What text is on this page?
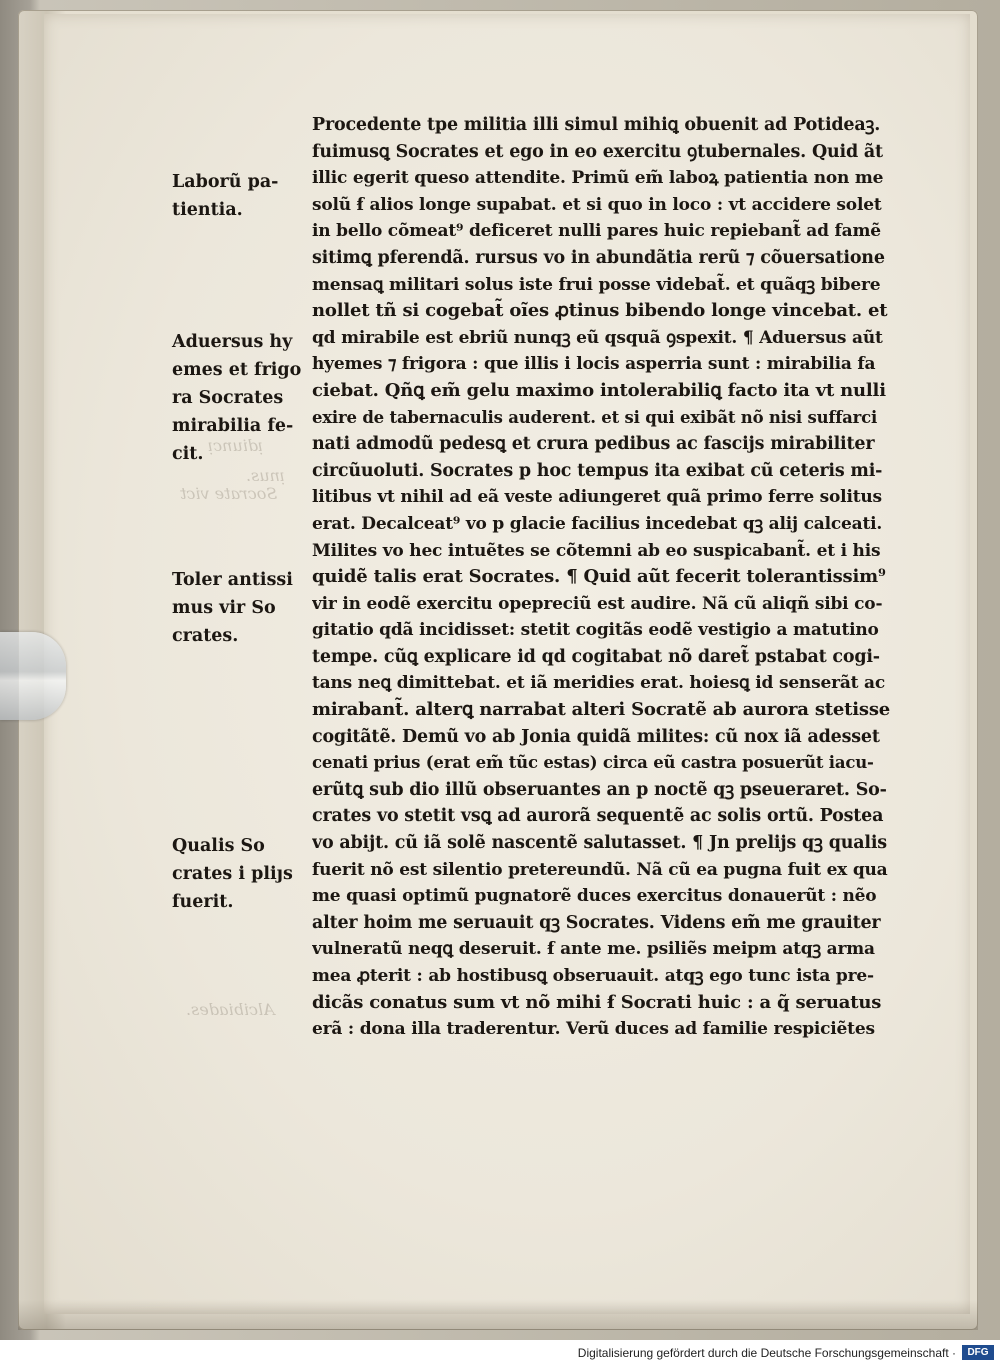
ᴉdiuncᴉ
ᴉnus.
Socrate vict
Alcibiades.
Laborũ pa-
tientia.
Aduersus hy
emes et frigo
ra Socrates
mirabilia fe-
cit.
Toler antissi
mus vir So
crates.
Qualis So
crates i pliȷs
fuerit.
Procedente tpe militia illi simul mihiꝗ obuenit ad Potideaꝫ.
fuimusꝗ Socrates et ego in eo exercitu ꝯtubernales. Quid ãt
illic egerit queso attendite. Primũ em̃ laboꝝ patientia non me
solũ ẜ alios longe supabat. et si quo in loco : vt accidere solet
in bello cõmeat⁹ deficeret nulli pares huic repiebant̃ ad famẽ
sitimꝗ pferendã. rursus vo in abundãtia rerũ ⁊ cõuersatione
mensaꝗ militari solus iste frui posse videbat̃. et quãqꝫ bibere
nollet tñ si cogebat̃ oĩes ꝓtinus bibendo longe vincebat. et
qd mirabile est ebriũ nunqꝫ eũ qsquã ꝯspexit. ¶ Aduersus aũt
hyemes ⁊ frigora : que illis i locis asperria sunt : mirabilia fa
ciebat. Qñꝗ em̃ gelu maximo intolerabiliꝗ facto ita vt nulli
exire de tabernaculis auderent. et si qui exibãt nõ nisi suffarci
nati admodũ pedesꝗ et crura pedibus ac fascijs mirabiliter
circũuoluti. Socrates p hoc tempus ita exibat cũ ceteris mi-
litibus vt nihil ad eã veste adiungeret quã primo ferre solitus
erat. Decalceat⁹ vo p glacie facilius incedebat qꝫ alij calceati.
Milites vo hec intuẽtes se cõtemni ab eo suspicabant̃. et i his
quidẽ talis erat Socrates. ¶ Quid aũt fecerit tolerantissim⁹
vir in eodẽ exercitu opepreciũ est audire. Nã cũ aliqñ sibi co-
gitatio qdã incidisset: stetit cogitãs eodẽ vestigio a matutino
tempe. cũꝗ explicare id qd cogitabat nõ daret̃ pstabat cogi-
tans neꝗ dimittebat. et iã meridies erat. hoiesꝗ id senserãt ac
mirabant̃. alterꝗ narrabat alteri Socratẽ ab aurora stetisse
cogitãtẽ. Demũ vo ab Jonia quidã milites: cũ nox iã adesset
cenati prius (erat em̃ tũc estas) circa eũ castra posuerũt iacu-
erũtꝗ sub dio illũ obseruantes an p noctẽ qꝫ pseueraret. So-
crates vo stetit vsꝗ ad aurorã sequentẽ ac solis ortũ. Postea
vo abijt. cũ iã solẽ nascentẽ salutasset. ¶ Jn prelijs qꝫ qualis
fuerit nõ est silentio pretereundũ. Nã cũ ea pugna fuit ex qua
me quasi optimũ pugnatorẽ duces exercitus donauerũt : nẽo
alter hoim me seruauit qꝫ Socrates. Videns em̃ me grauiter
vulneratũ neqꝗ deseruit. ẜ ante me. psiliẽs meipm atqꝫ arma
mea ꝓterit : ab hostibusꝗ obseruauit. atqꝫ ego tunc ista pre-
dicãs conatus sum vt nõ mihi ẜ Socrati huic : a q̃ seruatus
erã : dona illa traderentur. Verũ duces ad familie respiciẽtes
Digitalisierung gefördert durch die Deutsche Forschungsgemeinschaft ·	DFG
